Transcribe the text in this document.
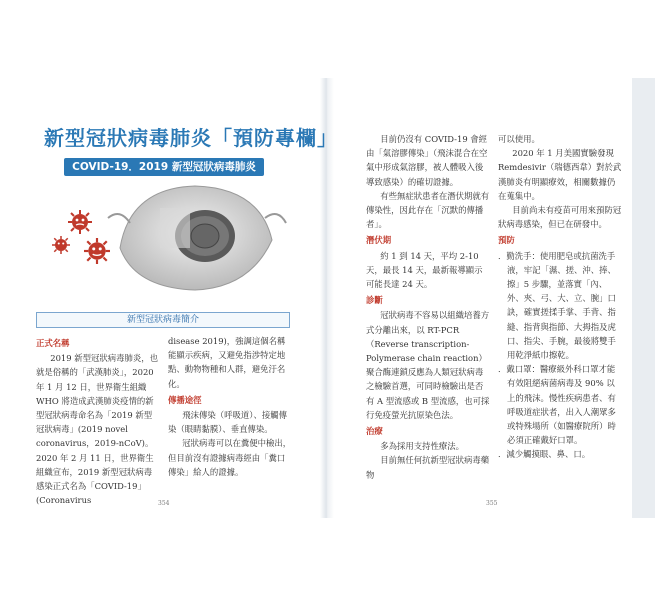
新型冠狀病毒肺炎「預防專欄」
COVID-19．2019 新型冠狀病毒肺炎
新型冠狀病毒簡介
正式名稱

2019 新型冠狀病毒肺炎，也就是俗稱的「武漢肺炎」，2020 年 1 月 12 日，世界衛生組織 WHO 將造成武漢肺炎疫情的新型冠狀病毒命名為「2019 新型冠狀病毒」(2019 novel coronavirus，2019-nCoV)。2020 年 2 月 11 日，世界衛生組織宣布，2019 新型冠狀病毒感染正式名為「COVID-19」(Coronavirus

disease 2019)，強調這個名稱能顯示疾病，又避免指涉特定地點、動物物種和人群，避免汙名化。

傳播途徑

飛沫傳染（呼吸道）、接觸傳染（眼睛黏膜）、垂直傳染。

冠狀病毒可以在糞便中檢出，但目前沒有證據病毒經由「糞口傳染」給人的證據。

354

目前仍沒有 COVID-19 會經由「氣溶膠傳染」（飛沫混合在空氣中形成氣溶膠，被人體吸入後導致感染）的確切證據。

有些無症狀患者在潛伏期就有傳染性，因此存在「沉默的傳播者」。

潛伏期

約 1 到 14 天，平均 2-10 天，最長 14 天，最新報導顯示可能長達 24 天。

診斷

冠狀病毒不容易以組織培養方式分離出來，以 RT-PCR（Reverse transcription-Polymerase chain reaction）聚合酶連鎖反應為人類冠狀病毒之檢驗首選，可同時檢驗出是否有 A 型流感或 B 型流感，也可採行免疫螢光抗原染色法。

治療

多為採用支持性療法。

目前無任何抗新型冠狀病毒藥物

可以使用。

2020 年 1 月美國實驗發現 Remdesivir（瑞德西韋）對於武漢肺炎有明顯療效，相關數據仍在蒐集中。

目前尚未有疫苗可用來預防冠狀病毒感染，但已在研發中。

預防

．勤洗手：使用肥皂或抗菌洗手液，牢記「濕、搓、沖、捧、擦」5 步驟，並落實「內、外、夾、弓、大、立、腕」口訣，確實搓揉手掌、手背、指縫、指背與指節、大拇指及虎口、指尖、手腕，最後將雙手用乾淨紙巾擦乾。

．戴口罩：醫療級外科口罩才能有效阻絕病菌病毒及 90% 以上的飛沫。慢性疾病患者、有呼吸道症狀者，出入人潮眾多或特殊場所（如醫療院所）時必須正確戴好口罩。

．減少觸摸眼、鼻、口。

355
